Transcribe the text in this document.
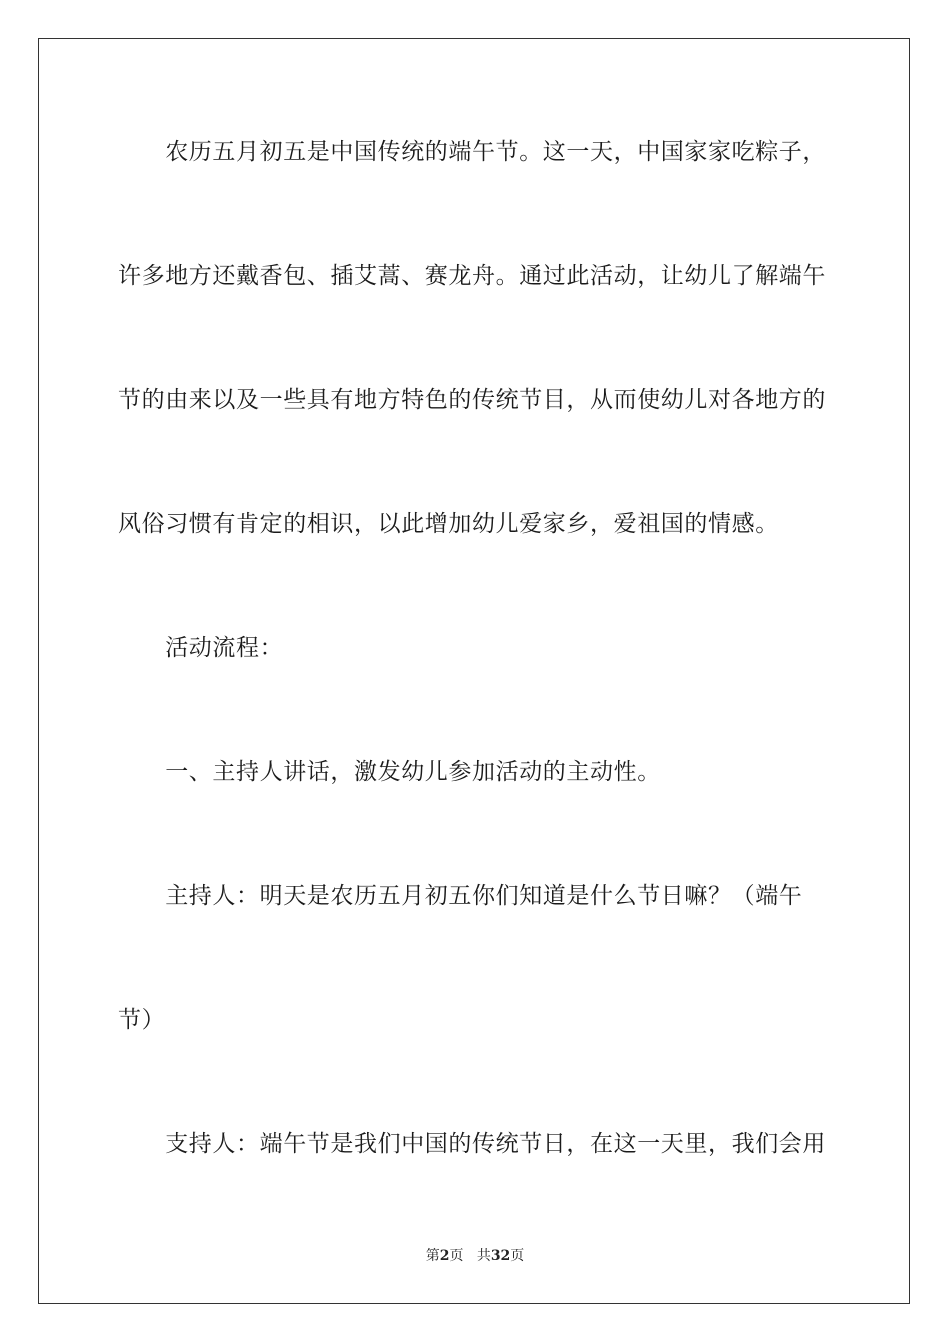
　　农历五月初五是中国传统的端午节。这一天，中国家家吃粽子，
许多地方还戴香包、插艾蒿、赛龙舟。通过此活动，让幼儿了解端午
节的由来以及一些具有地方特色的传统节目，从而使幼儿对各地方的
风俗习惯有肯定的相识，以此增加幼儿爱家乡，爱祖国的情感。
　　活动流程：
　　一、主持人讲话，激发幼儿参加活动的主动性。
　　主持人：明天是农历五月初五你们知道是什么节日嘛？（端午
节）
　　支持人：端午节是我们中国的传统节日，在这一天里，我们会用
第2页 共32页
